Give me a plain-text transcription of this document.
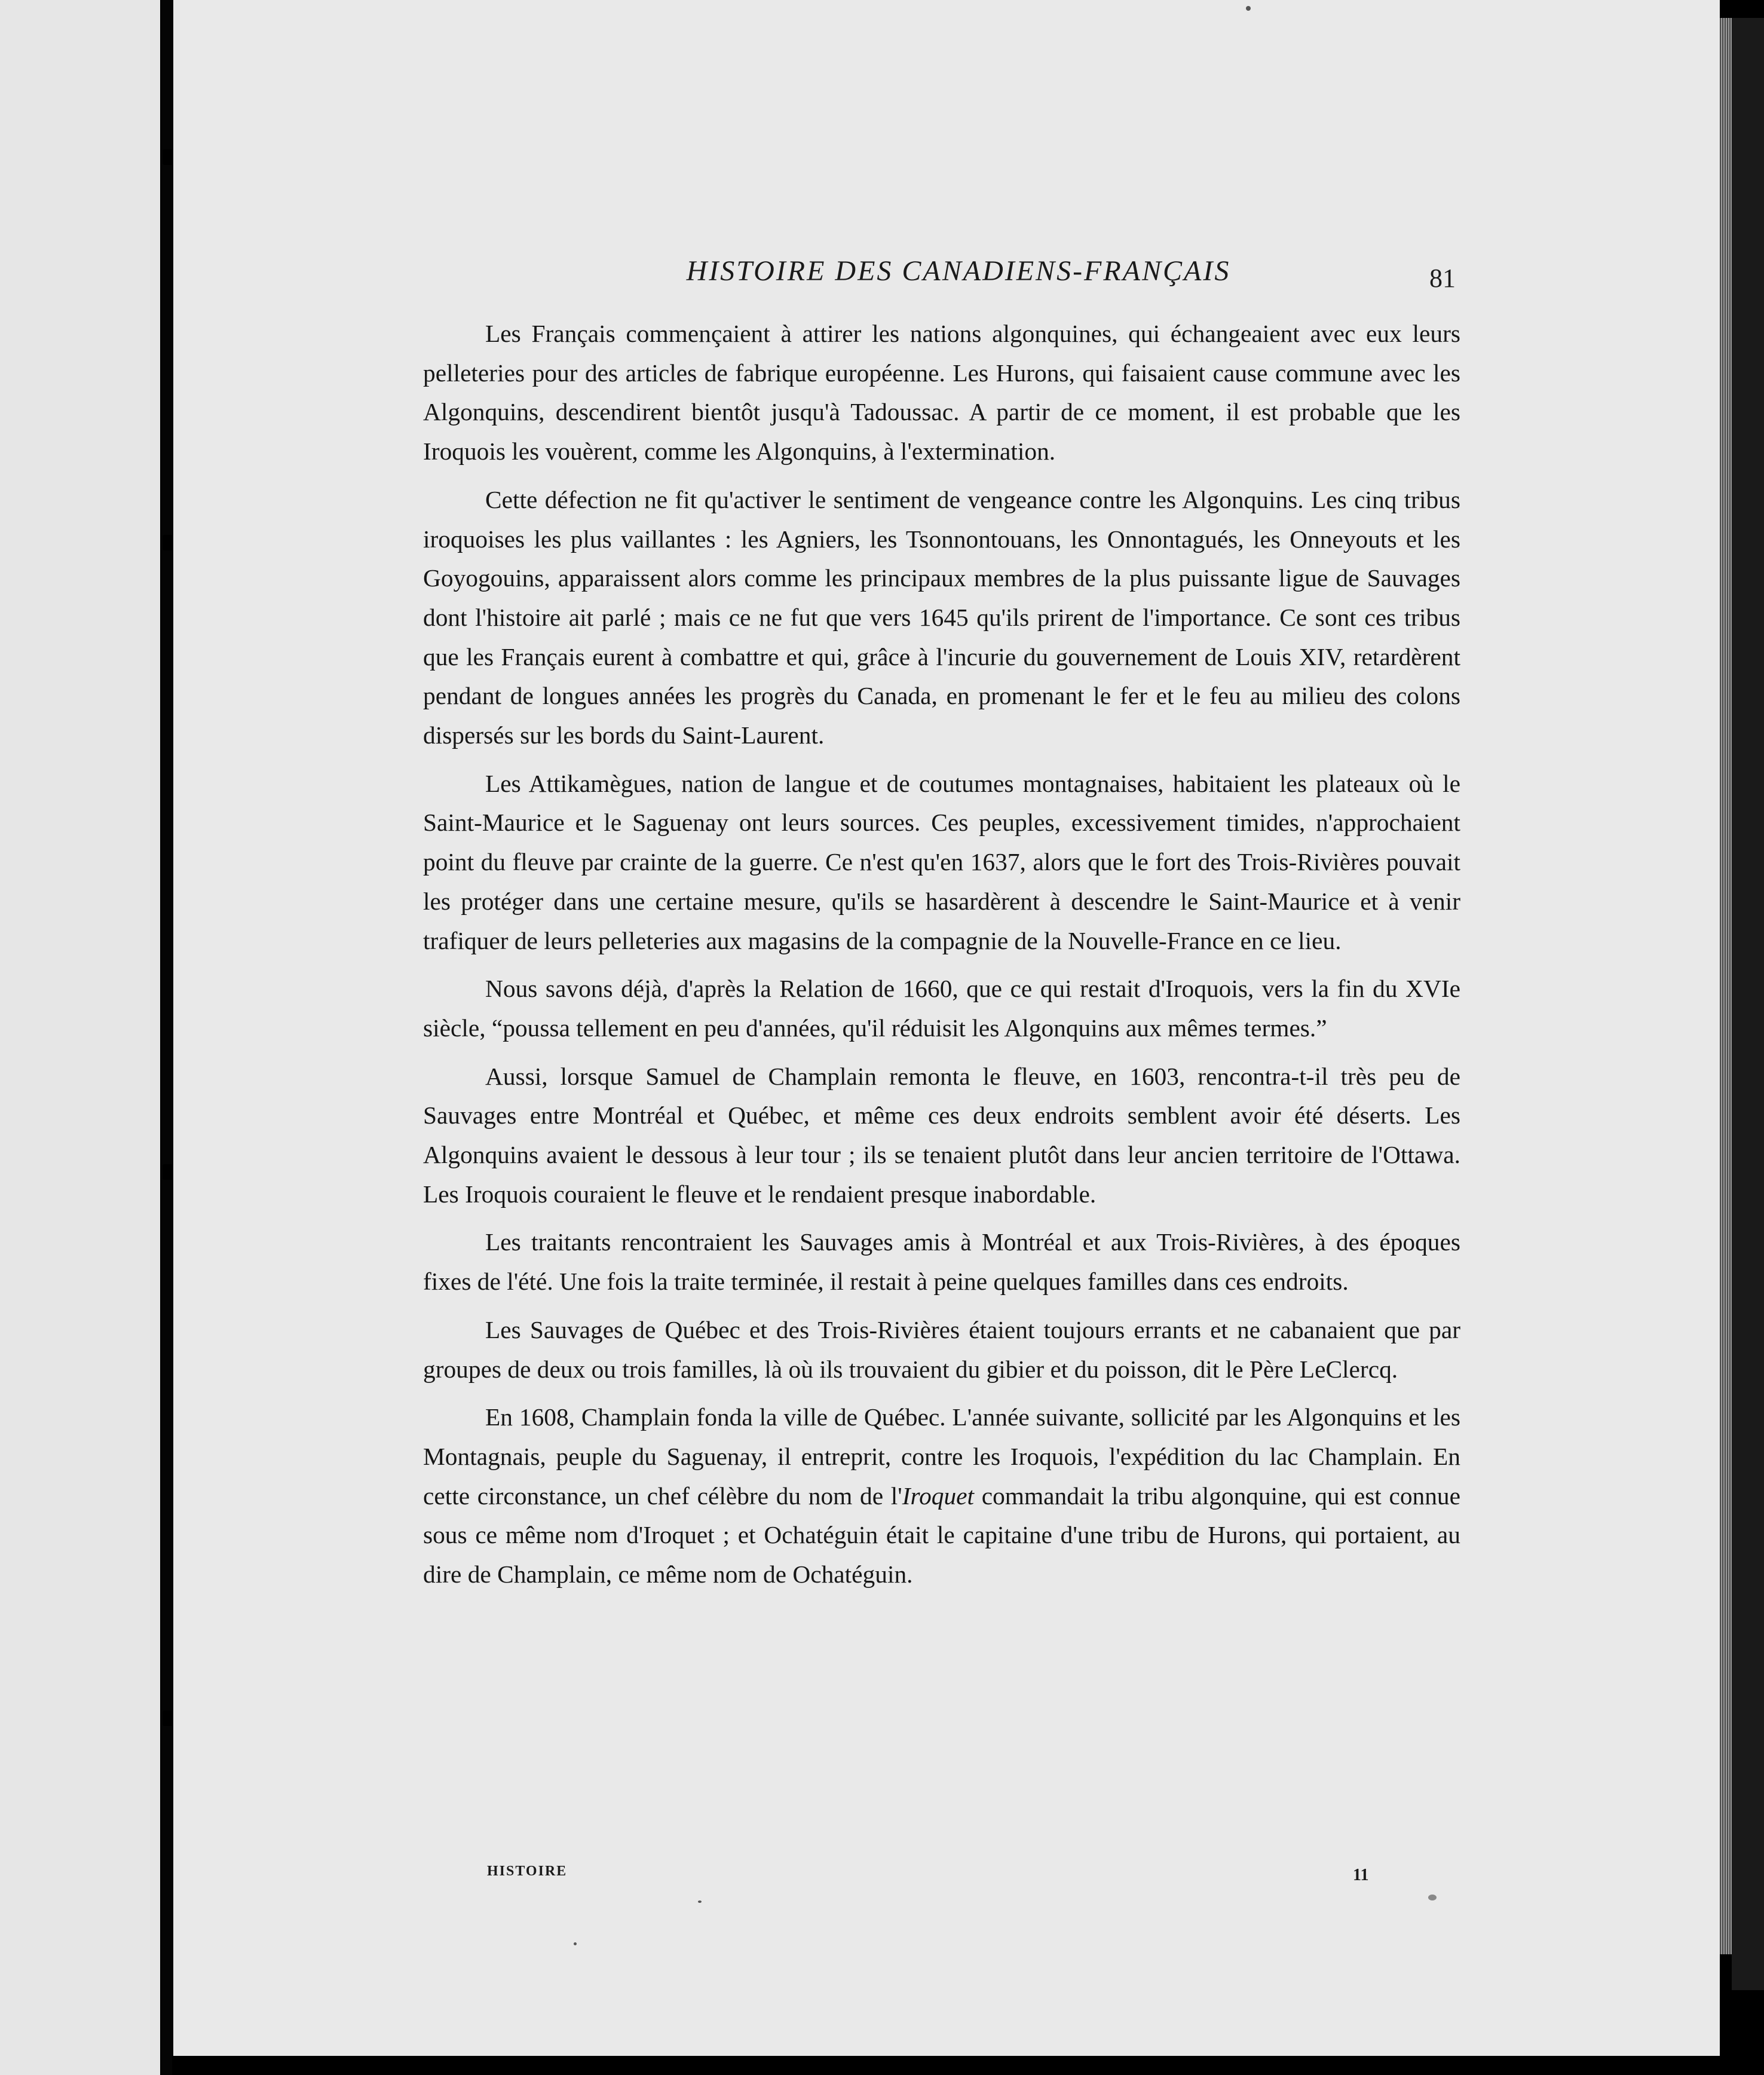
HISTOIRE DES CANADIENS-FRANÇAIS	81

Les Français commençaient à attirer les nations algonquines, qui échangeaient avec eux leurs pelleteries pour des articles de fabrique européenne. Les Hurons, qui faisaient cause commune avec les Algonquins, descendirent bientôt jusqu'à Tadoussac. A partir de ce moment, il est probable que les Iroquois les vouèrent, comme les Algonquins, à l'extermination.

Cette défection ne fit qu'activer le sentiment de vengeance contre les Algonquins. Les cinq tribus iroquoises les plus vaillantes : les Agniers, les Tsonnontouans, les Onnontagués, les Onneyouts et les Goyogouins, apparaissent alors comme les principaux membres de la plus puissante ligue de Sauvages dont l'histoire ait parlé ; mais ce ne fut que vers 1645 qu'ils prirent de l'importance. Ce sont ces tribus que les Français eurent à combattre et qui, grâce à l'incurie du gouvernement de Louis XIV, retardèrent pendant de longues années les progrès du Canada, en promenant le fer et le feu au milieu des colons dispersés sur les bords du Saint-Laurent.

Les Attikamègues, nation de langue et de coutumes montagnaises, habitaient les plateaux où le Saint-Maurice et le Saguenay ont leurs sources. Ces peuples, excessivement timides, n'approchaient point du fleuve par crainte de la guerre. Ce n'est qu'en 1637, alors que le fort des Trois-Rivières pouvait les protéger dans une certaine mesure, qu'ils se hasardèrent à descendre le Saint-Maurice et à venir trafiquer de leurs pelleteries aux magasins de la compagnie de la Nouvelle-France en ce lieu.

Nous savons déjà, d'après la Relation de 1660, que ce qui restait d'Iroquois, vers la fin du XVIe siècle, “poussa tellement en peu d'années, qu'il réduisit les Algonquins aux mêmes termes.”

Aussi, lorsque Samuel de Champlain remonta le fleuve, en 1603, rencontra-t-il très peu de Sauvages entre Montréal et Québec, et même ces deux endroits semblent avoir été déserts. Les Algonquins avaient le dessous à leur tour ; ils se tenaient plutôt dans leur ancien territoire de l'Ottawa. Les Iroquois couraient le fleuve et le rendaient presque inabordable.

Les traitants rencontraient les Sauvages amis à Montréal et aux Trois-Rivières, à des époques fixes de l'été. Une fois la traite terminée, il restait à peine quelques familles dans ces endroits.

Les Sauvages de Québec et des Trois-Rivières étaient toujours errants et ne cabanaient que par groupes de deux ou trois familles, là où ils trouvaient du gibier et du poisson, dit le Père LeClercq.

En 1608, Champlain fonda la ville de Québec. L'année suivante, sollicité par les Algonquins et les Montagnais, peuple du Saguenay, il entreprit, contre les Iroquois, l'expédition du lac Champlain. En cette circonstance, un chef célèbre du nom de l'Iroquet commandait la tribu algonquine, qui est connue sous ce même nom d'Iroquet ; et Ochatéguin était le capitaine d'une tribu de Hurons, qui portaient, au dire de Champlain, ce même nom de Ochatéguin.

HISTOIRE	11
